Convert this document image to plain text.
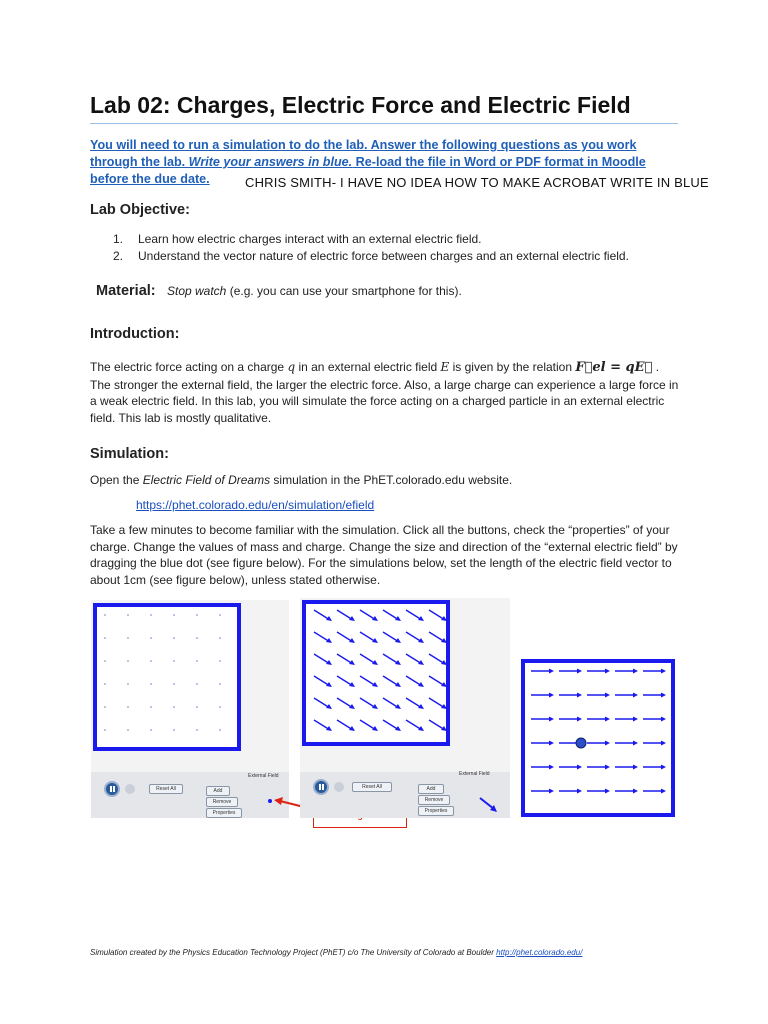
Lab 02: Charges, Electric Force and Electric Field
You will need to run a simulation to do the lab. Answer the following questions as you work
through the lab. Write your answers in blue. Re-load the file in Word or PDF format in Moodle
before the due date.	CHRIS SMITH- I HAVE NO IDEA HOW TO MAKE ACROBAT WRITE IN BLUE
Lab Objective:
1. Learn how electric charges interact with an external electric field.
2. Understand the vector nature of electric force between charges and an external electric field.
Material: Stop watch (e.g. you can use your smartphone for this).
Introduction:
The electric force acting on a charge q in an external electric field E is given by the relation F⃗el = qE⃗ . The stronger the external field, the larger the electric force. Also, a large charge can experience a large force in a weak electric field. In this lab, you will simulate the force acting on a charged particle in an external electric field. This lab is mostly qualitative.
Simulation:
Open the Electric Field of Dreams simulation in the PhET.colorado.edu website.
https://phet.colorado.edu/en/simulation/efield
Take a few minutes to become familiar with the simulation. Click all the buttons, check the “properties” of your charge. Change the values of mass and charge. Change the size and direction of the “external electric field” by dragging the blue dot (see figure below). For the simulations below, set the length of the electric field vector to about 1cm (see figure below), unless stated otherwise.
Reset All	Add
Remove
Properties
External Field
Reset All	Add
Remove
Properties
External Field
Simulation created by the Physics Education Technology Project (PhET) c/o The University of Colorado at Boulder http://phet.colorado.edu/
